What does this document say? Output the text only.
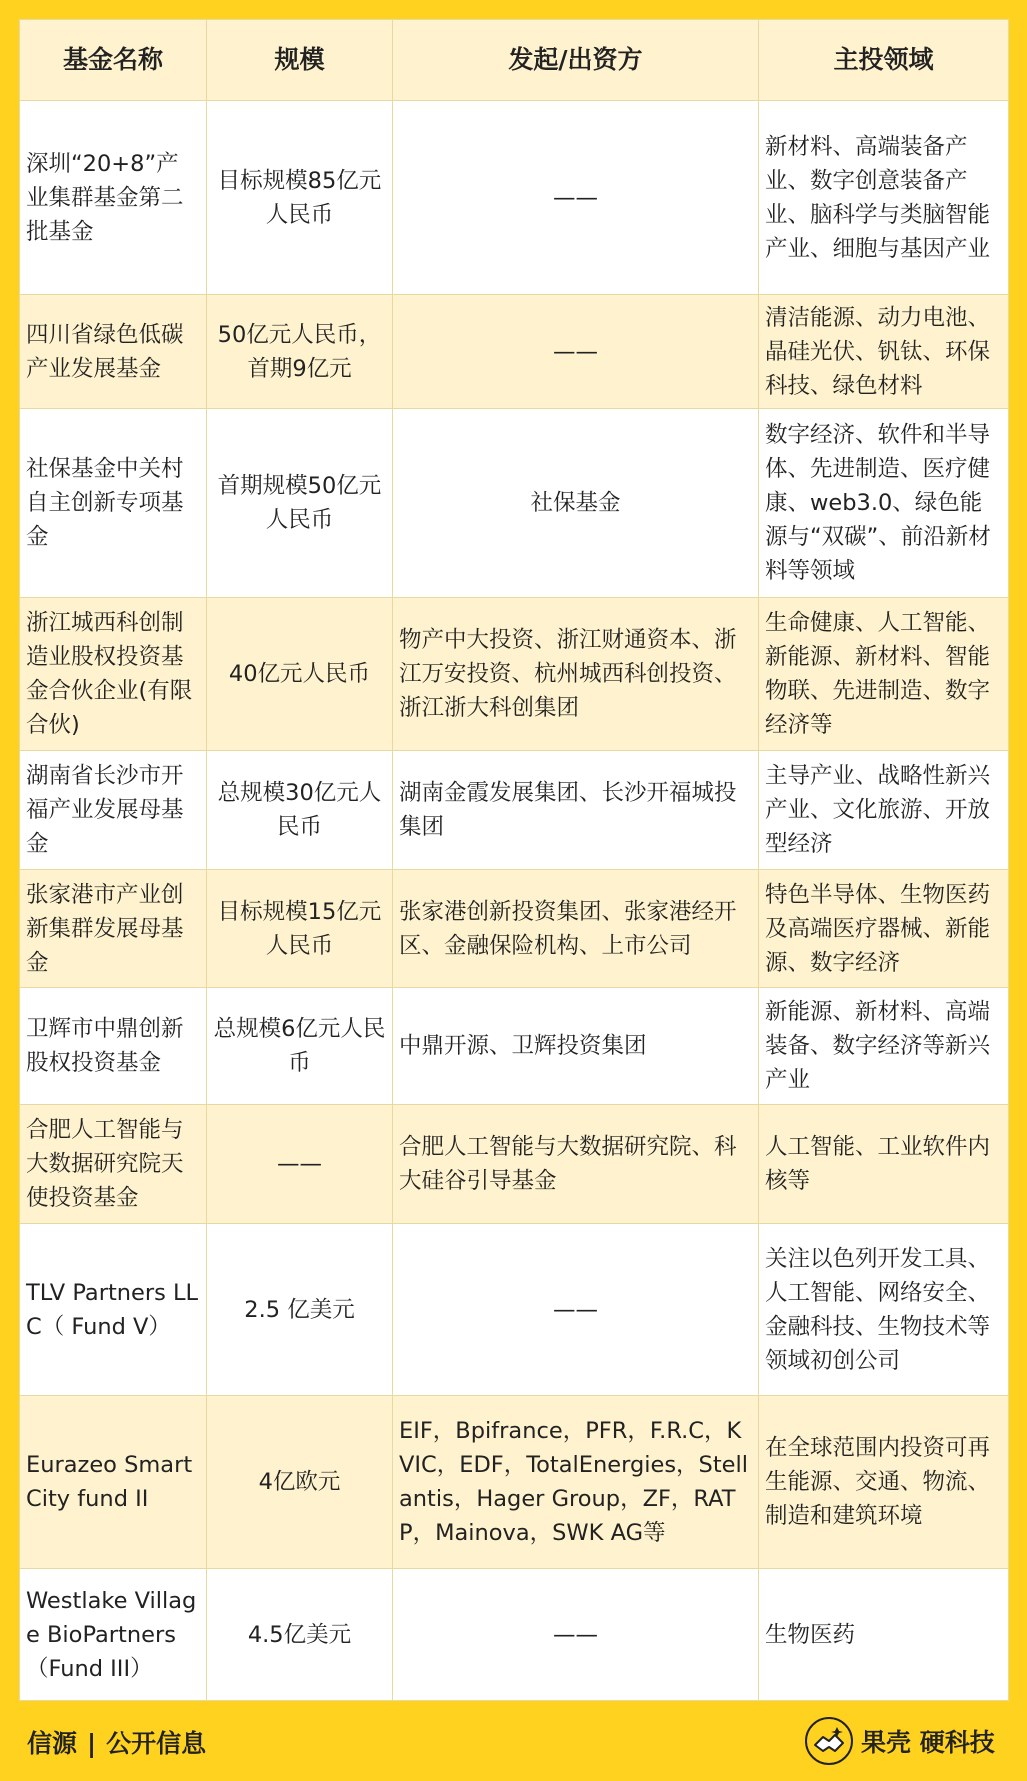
基金名称	规模	发起/出资方	主投领域
深圳“20+8”产业集群基金第二批基金	目标规模85亿元人民币	——	新材料、高端装备产业、数字创意装备产业、脑科学与类脑智能产业、细胞与基因产业
四川省绿色低碳产业发展基金	50亿元人民币，首期9亿元	——	清洁能源、动力电池、晶硅光伏、钒钛、环保科技、绿色材料
社保基金中关村自主创新专项基金	首期规模50亿元人民币	社保基金	数字经济、软件和半导体、先进制造、医疗健康、web3.0、绿色能源与“双碳”、前沿新材料等领域
浙江城西科创制造业股权投资基金合伙企业(有限合伙)	40亿元人民币	物产中大投资、浙江财通资本、浙江万安投资、杭州城西科创投资、浙江浙大科创集团	生命健康、人工智能、新能源、新材料、智能物联、先进制造、数字经济等
湖南省长沙市开福产业发展母基金	总规模30亿元人民币	湖南金霞发展集团、长沙开福城投集团	主导产业、战略性新兴产业、文化旅游、开放型经济
张家港市产业创新集群发展母基金	目标规模15亿元人民币	张家港创新投资集团、张家港经开区、金融保险机构、上市公司	特色半导体、生物医药及高端医疗器械、新能源、数字经济
卫辉市中鼎创新股权投资基金	总规模6亿元人民币	中鼎开源、卫辉投资集团	新能源、新材料、高端装备、数字经济等新兴产业
合肥人工智能与大数据研究院天使投资基金	——	合肥人工智能与大数据研究院、科大硅谷引导基金	人工智能、工业软件内核等
TLV Partners LLC（ Fund V）	2.5 亿美元	——	关注以色列开发工具、人工智能、网络安全、金融科技、生物技术等领域初创公司
Eurazeo Smart City fund II	4亿欧元	EIF，Bpifrance，PFR，F.R.C，KVIC，EDF，TotalEnergies，Stellantis，Hager Group，ZF，RATP，Mainova，SWK AG等	在全球范围内投资可再生能源、交通、物流、制造和建筑环境
Westlake Village BioPartners（Fund III）	4.5亿美元	——	生物医药
信源 | 公开信息	果壳 硬科技
